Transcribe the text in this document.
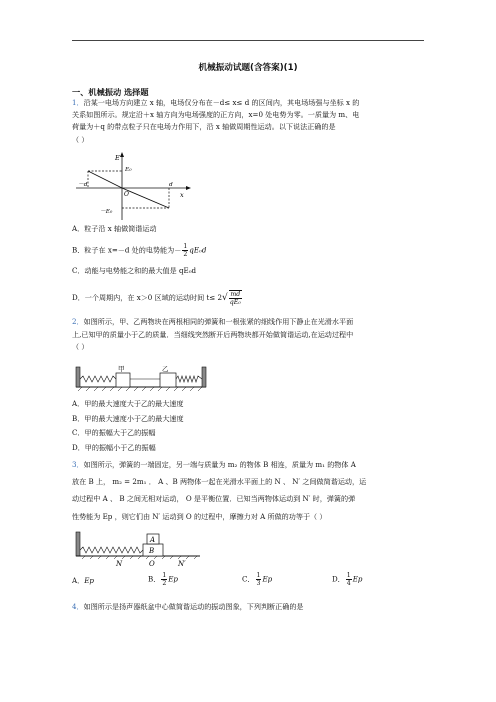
机械振动试题(含答案)(1)
一、机械振动 选择题
1．沿某一电场方向建立 x 轴，电场仅分布在－d≤ x≤ d 的区间内，其电场场强与坐标 x 的
关系如图所示。规定沿＋x 轴方向为电场强度的正方向，x=0 处电势为零。一质量为 m、电
荷量为＋q 的带点粒子只在电场力作用下，沿 x 轴做周期性运动。以下说法正确的是
（ ）
E
E₀
－E₀
－d	d
O	x
A．粒子沿 x 轴做简谐运动
B．粒子在 x=－d 处的电势能为－ $\frac{1}{2} qE_0d$
C．动能与电势能之和的最大值是 qE₀d
D．一个周期内，在 x＞0 区域的运动时间 $t\le 2√ \frac{md}{\text{qE₀}}$
2．如图所示，甲、乙两物块在两根相同的弹簧和一根张紧的细线作用下静止在光滑水平面
上,已知甲的质量小于乙的质量．当细线突然断开后两物块都开始做简谐运动,在运动过程中
（ ）
甲	乙
A．甲的最大速度大于乙的最大速度
B．甲的最大速度小于乙的最大速度
C．甲的振幅大于乙的振幅
D．甲的振幅小于乙的振幅
3．如图所示，弹簧的一端固定，另一端与质量为 m₂ 的物体 B 相连，质量为 m₁ 的物体 A
放在 B 上， m₂ = 2m₁ ． A 、B 两物体一起在光滑水平面上的 N 、 N′ 之间做简谐运动，运
动过程中 A 、 B 之间无相对运动， O 是平衡位置．已知当两物体运动到 N′ 时，弹簧的弹
性势能为 Ep ，则它们由 N′ 运动到 O 的过程中，摩擦力对 A 所做的功等于（ ）
A
B
N	O	N′
A．Ep	B． $\frac{1}{2}$ Ep	C． $\frac{1}{3}$ Ep	D． $\frac{1}{4}$ Ep
4．如图所示是扬声器纸盆中心做简谐运动的振动图象，下列判断正确的是
